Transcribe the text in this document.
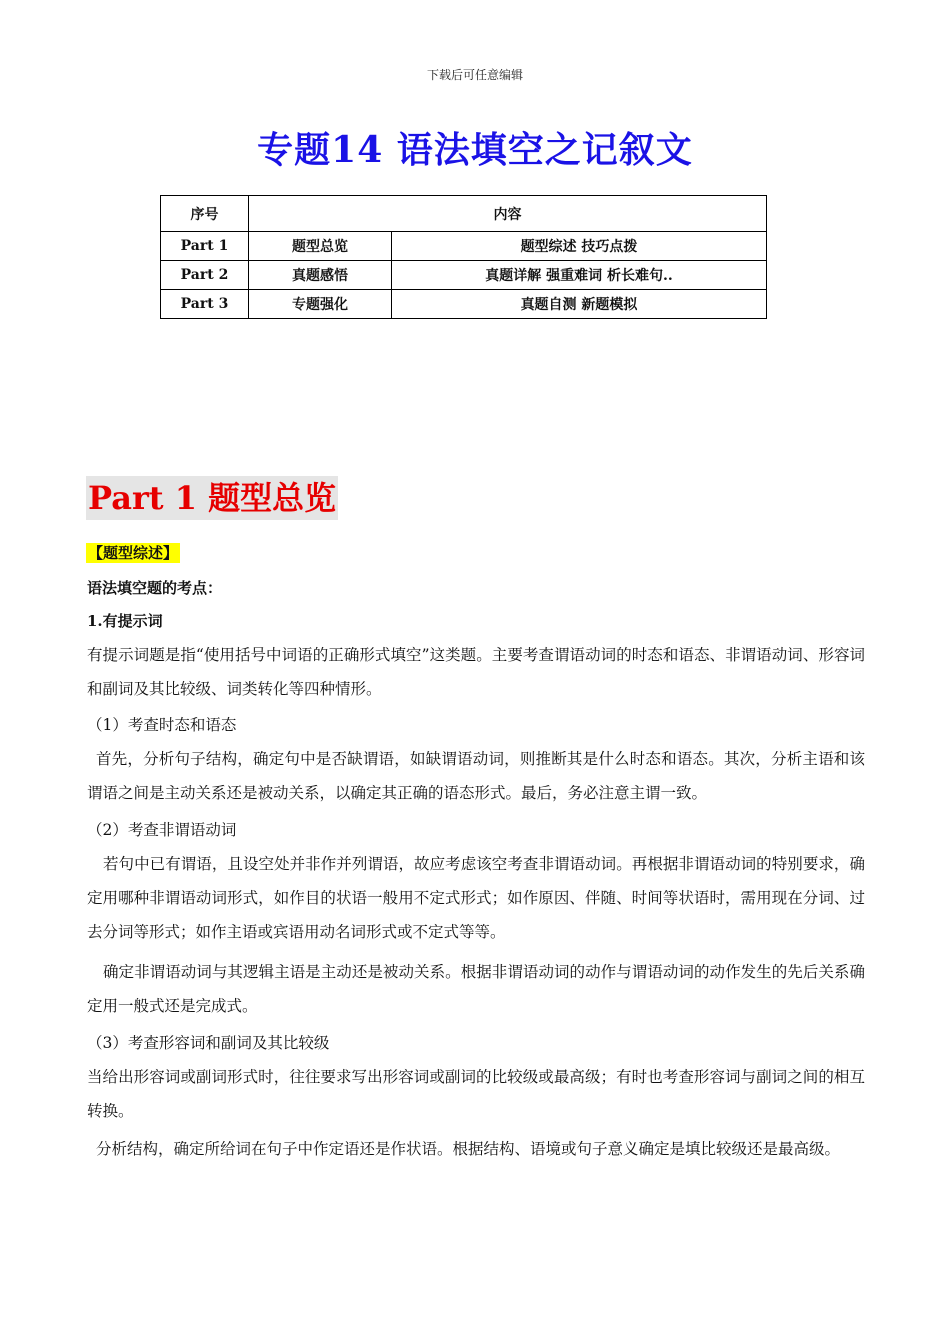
下载后可任意编辑
专题14 语法填空之记叙文
序号	内容	
Part 1	题型总览	题型综述 技巧点拨
Part 2	真题感悟	真题详解 强重难词 析长难句..
Part 3	专题强化	真题自测 新题模拟
Part 1 题型总览
【题型综述】
语法填空题的考点：
1.有提示词
有提示词题是指“使用括号中词语的正确形式填空”这类题。主要考查谓语动词的时态和语态、非谓语动词、形容词和副词及其比较级、词类转化等四种情形。
（1）考查时态和语态
首先，分析句子结构，确定句中是否缺谓语，如缺谓语动词，则推断其是什么时态和语态。其次，分析主语和该谓语之间是主动关系还是被动关系，以确定其正确的语态形式。最后，务必注意主谓一致。
（2）考查非谓语动词
若句中已有谓语，且设空处并非作并列谓语，故应考虑该空考查非谓语动词。再根据非谓语动词的特别要求，确定用哪种非谓语动词形式，如作目的状语一般用不定式形式；如作原因、伴随、时间等状语时，需用现在分词、过去分词等形式；如作主语或宾语用动名词形式或不定式等等。
确定非谓语动词与其逻辑主语是主动还是被动关系。根据非谓语动词的动作与谓语动词的动作发生的先后关系确定用一般式还是完成式。
（3）考查形容词和副词及其比较级
当给出形容词或副词形式时，往往要求写出形容词或副词的比较级或最高级；有时也考查形容词与副词之间的相互转换。
分析结构，确定所给词在句子中作定语还是作状语。根据结构、语境或句子意义确定是填比较级还是最高级。
